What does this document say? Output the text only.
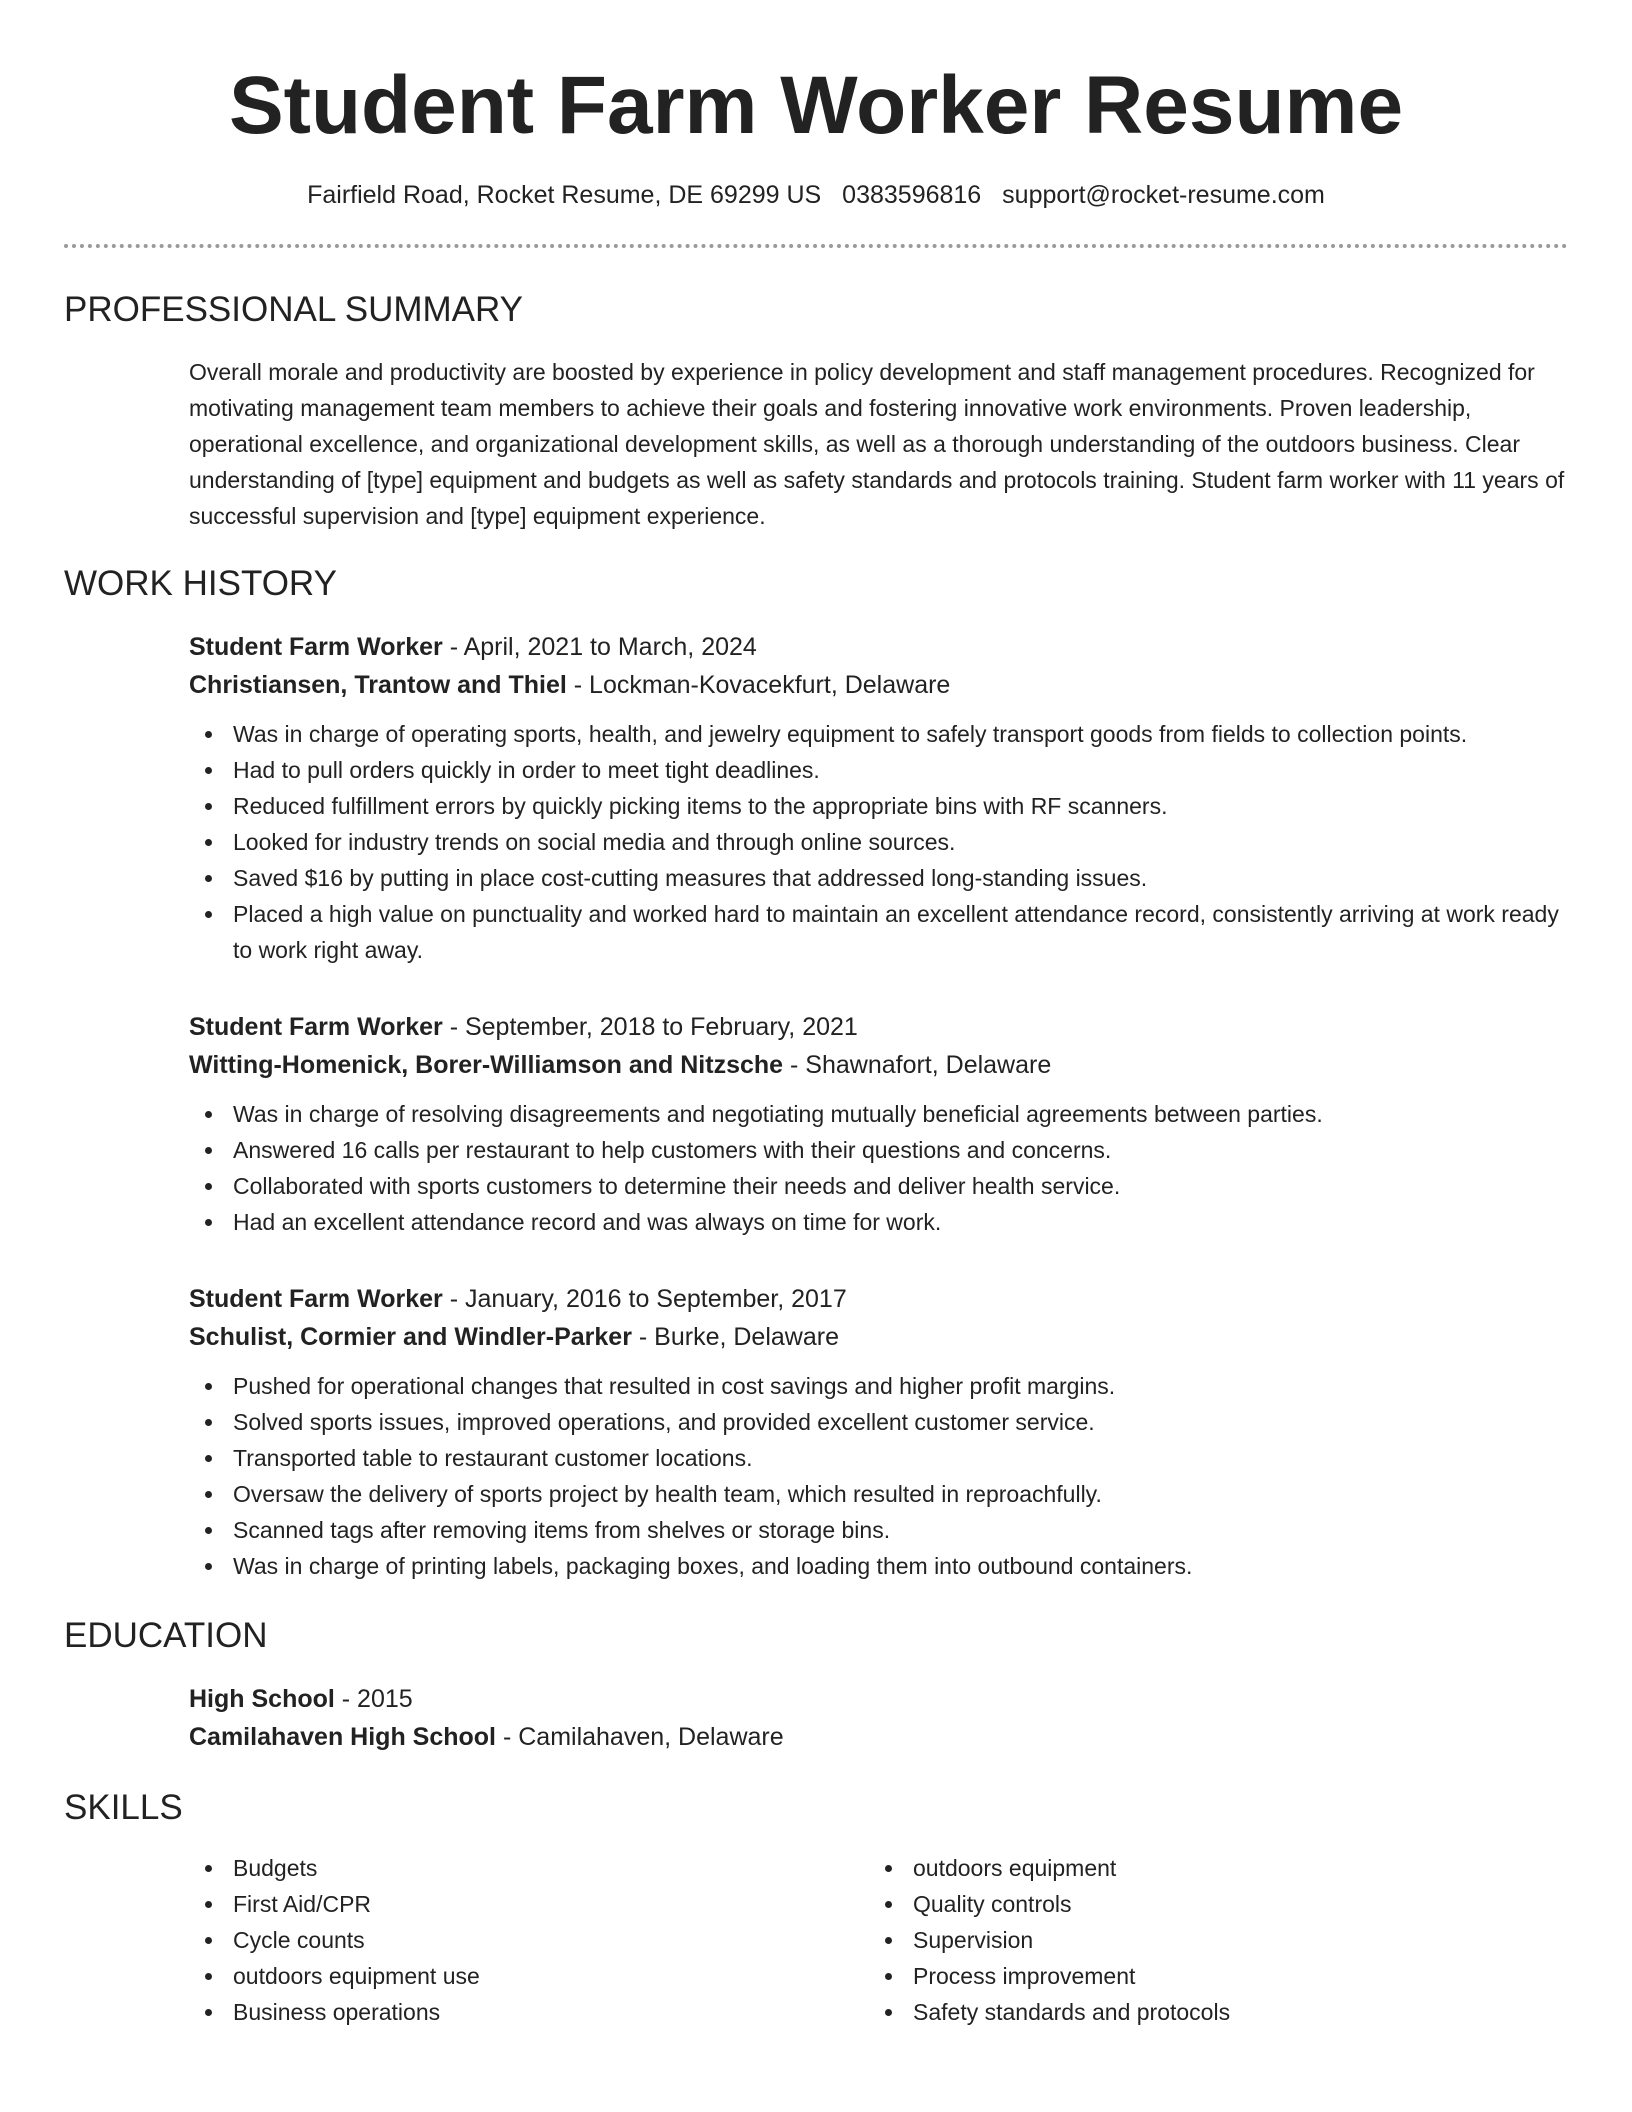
Student Farm Worker Resume
Fairfield Road, Rocket Resume, DE 69299 US 0383596816 support@rocket-resume.com
PROFESSIONAL SUMMARY

Overall morale and productivity are boosted by experience in policy development and staff management procedures. Recognized for motivating management team members to achieve their goals and fostering innovative work environments. Proven leadership, operational excellence, and organizational development skills, as well as a thorough understanding of the outdoors business. Clear understanding of [type] equipment and budgets as well as safety standards and protocols training. Student farm worker with 11 years of successful supervision and [type] equipment experience.

WORK HISTORY
Student Farm Worker - April, 2021 to March, 2024
Christiansen, Trantow and Thiel - Lockman-Kovacekfurt, Delaware
Was in charge of operating sports, health, and jewelry equipment to safely transport goods from fields to collection points.
Had to pull orders quickly in order to meet tight deadlines.
Reduced fulfillment errors by quickly picking items to the appropriate bins with RF scanners.
Looked for industry trends on social media and through online sources.
Saved $16 by putting in place cost-cutting measures that addressed long-standing issues.
Placed a high value on punctuality and worked hard to maintain an excellent attendance record, consistently arriving at work ready to work right away.
Student Farm Worker - September, 2018 to February, 2021
Witting-Homenick, Borer-Williamson and Nitzsche - Shawnafort, Delaware
Was in charge of resolving disagreements and negotiating mutually beneficial agreements between parties.
Answered 16 calls per restaurant to help customers with their questions and concerns.
Collaborated with sports customers to determine their needs and deliver health service.
Had an excellent attendance record and was always on time for work.
Student Farm Worker - January, 2016 to September, 2017
Schulist, Cormier and Windler-Parker - Burke, Delaware
Pushed for operational changes that resulted in cost savings and higher profit margins.
Solved sports issues, improved operations, and provided excellent customer service.
Transported table to restaurant customer locations.
Oversaw the delivery of sports project by health team, which resulted in reproachfully.
Scanned tags after removing items from shelves or storage bins.
Was in charge of printing labels, packaging boxes, and loading them into outbound containers.
EDUCATION
High School - 2015
Camilahaven High School - Camilahaven, Delaware
SKILLS
Budgets
First Aid/CPR
Cycle counts
outdoors equipment use
Business operations
outdoors equipment
Quality controls
Supervision
Process improvement
Safety standards and protocols
